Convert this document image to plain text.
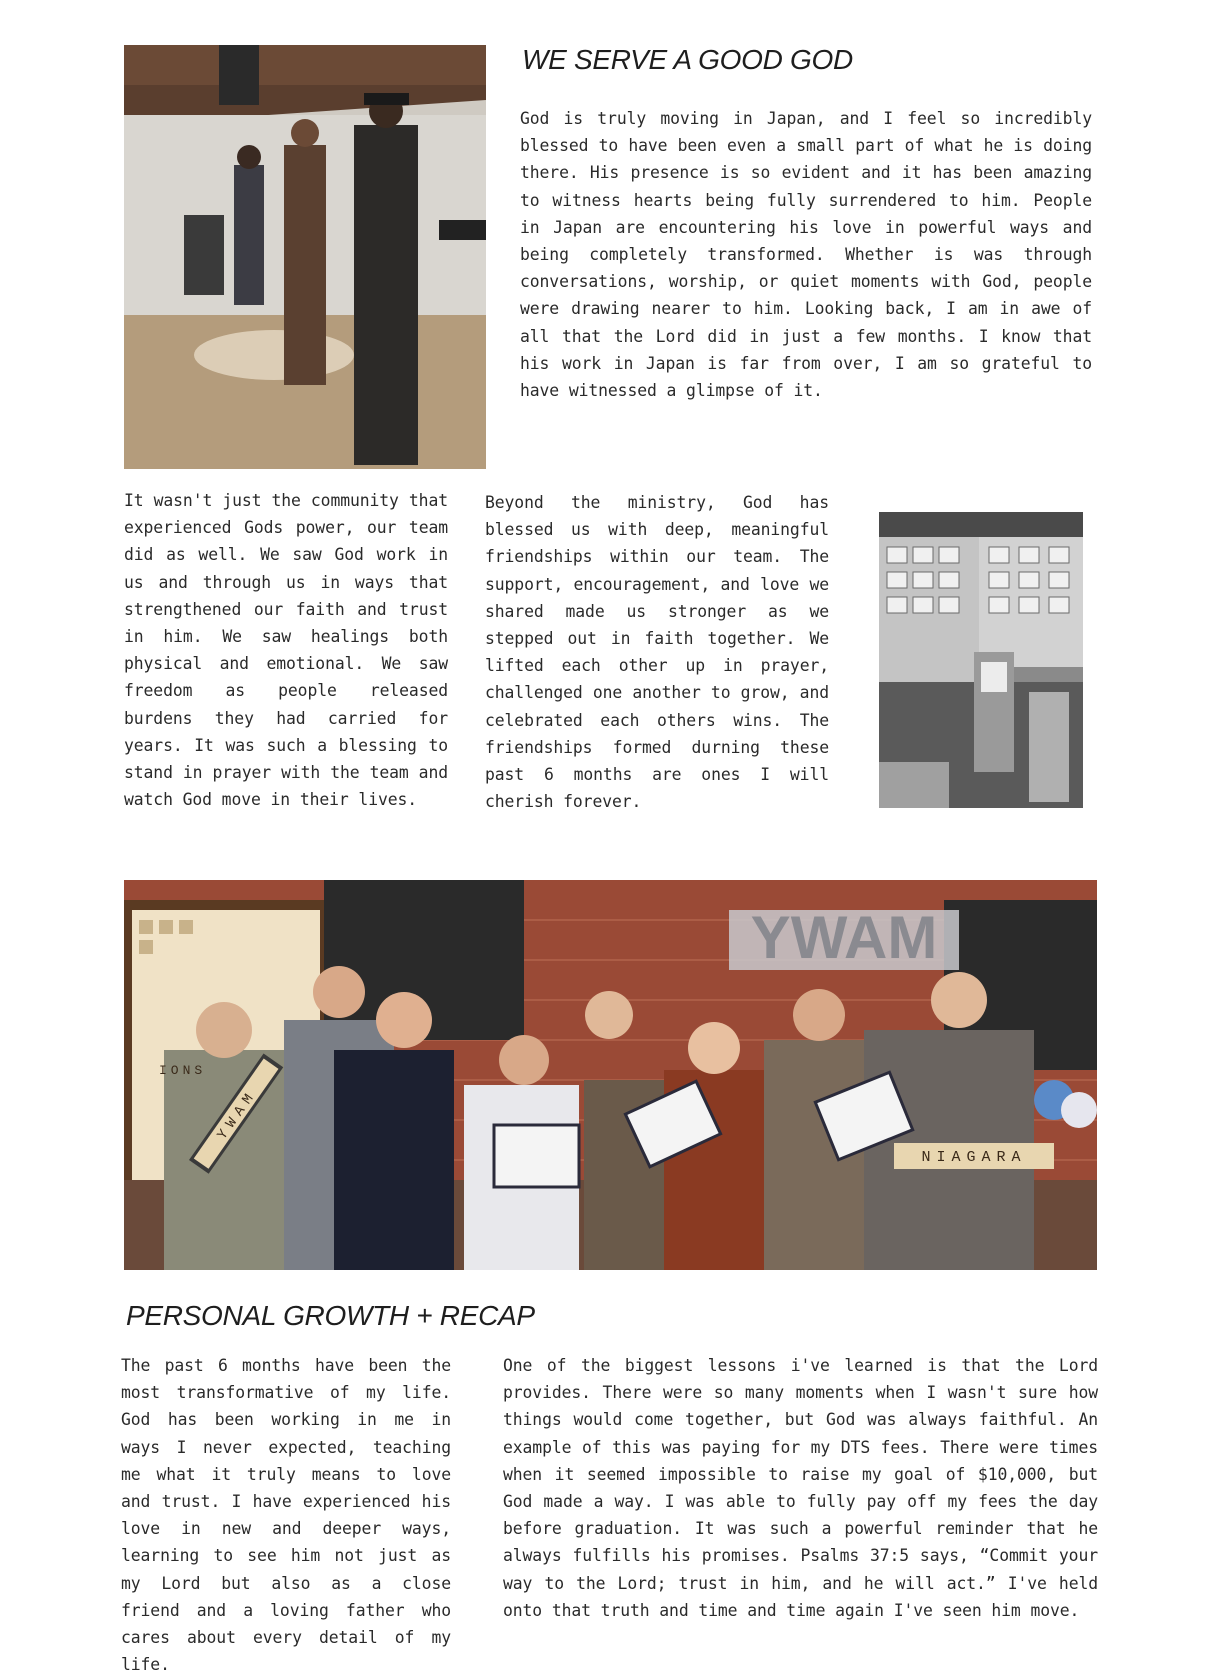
WE SERVE A GOOD GOD

God is truly moving in Japan, and I feel so incredibly blessed to have been even a small part of what he is doing there. His presence is so evident and it has been amazing to witness hearts being fully surrendered to him. People in Japan are encountering his love in powerful ways and being completely transformed. Whether is was through conversations, worship, or quiet moments with God, people were drawing nearer to him. Looking back, I am in awe of all that the Lord did in just a few months. I know that his work in Japan is far from over, I am so grateful to have witnessed a glimpse of it.

It wasn't just the community that experienced Gods power, our team did as well. We saw God work in us and through us in ways that strengthened our faith and trust in him. We saw healings both physical and emotional. We saw freedom as people released burdens they had carried for years. It was such a blessing to stand in prayer with the team and watch God move in their lives.

Beyond the ministry, God has blessed us with deep, meaningful friendships within our team. The support, encouragement, and love we shared made us stronger as we stepped out in faith together. We lifted each other up in prayer, challenged one another to grow, and celebrated each others wins. The friendships formed durning these past 6 months are ones I will cherish forever.

YWAM
YWAM
NIAGARA
IONS
PERSONAL GROWTH + RECAP

The past 6 months have been the most transformative of my life. God has been working in me in ways I never expected, teaching me what it truly means to love and trust. I have experienced his love in new and deeper ways, learning to see him not just as my Lord but also as a close friend and a loving father who cares about every detail of my life.

One of the biggest lessons i've learned is that the Lord provides. There were so many moments when I wasn't sure how things would come together, but God was always faithful. An example of this was paying for my DTS fees. There were times when it seemed impossible to raise my goal of $10,000, but God made a way. I was able to fully pay off my fees the day before graduation. It was such a powerful reminder that he always fulfills his promises. Psalms 37:5 says, “Commit your way to the Lord; trust in him, and he will act.” I've held onto that truth and time and time again I've seen him move.
